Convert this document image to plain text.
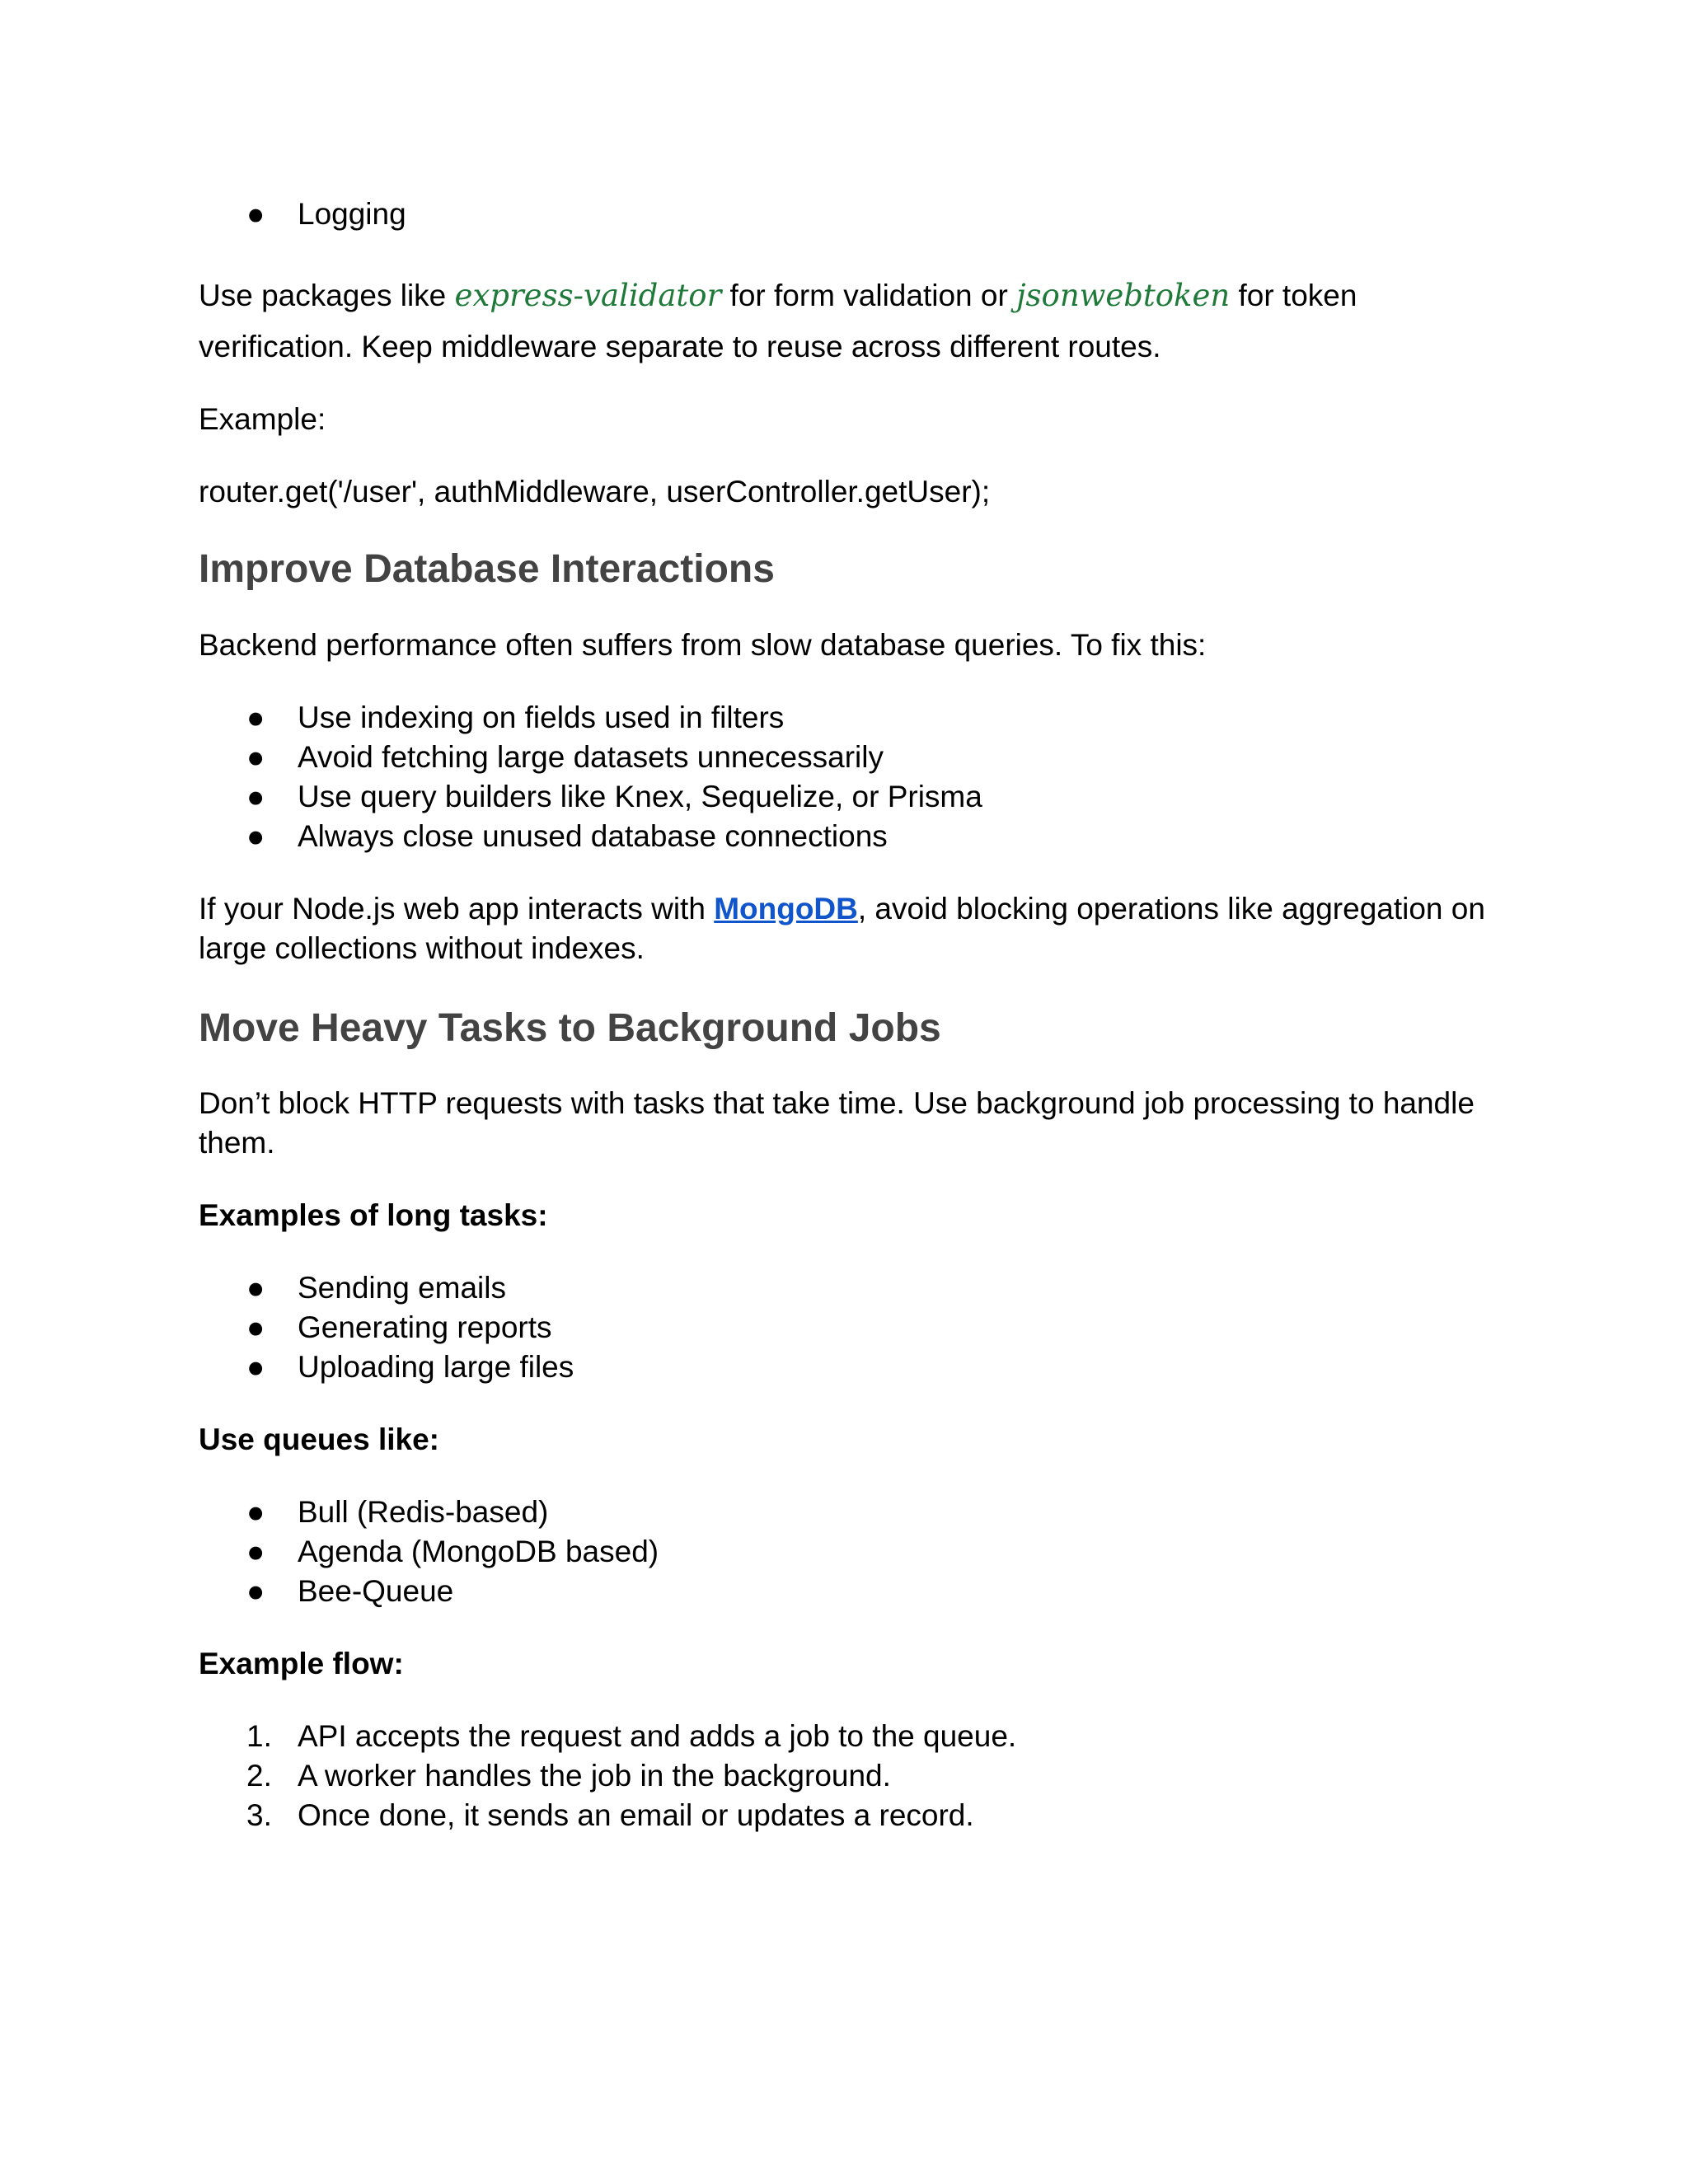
●	Logging

Use packages like express-validator for form validation or jsonwebtoken for token

verification. Keep middleware separate to reuse across different routes.

Example:

router.get('/user', authMiddleware, userController.getUser);

Improve Database Interactions

Backend performance often suffers from slow database queries. To fix this:

●	Use indexing on fields used in filters
●	Avoid fetching large datasets unnecessarily
●	Use query builders like Knex, Sequelize, or Prisma
●	Always close unused database connections

If your Node.js web app interacts with MongoDB, avoid blocking operations like aggregation on

large collections without indexes.

Move Heavy Tasks to Background Jobs

Don’t block HTTP requests with tasks that take time. Use background job processing to handle

them.

Examples of long tasks:

●	Sending emails
●	Generating reports
●	Uploading large files

Use queues like:

●	Bull (Redis-based)
●	Agenda (MongoDB based)
●	Bee-Queue

Example flow:

1. API accepts the request and adds a job to the queue.
2. A worker handles the job in the background.
3. Once done, it sends an email or updates a record.
